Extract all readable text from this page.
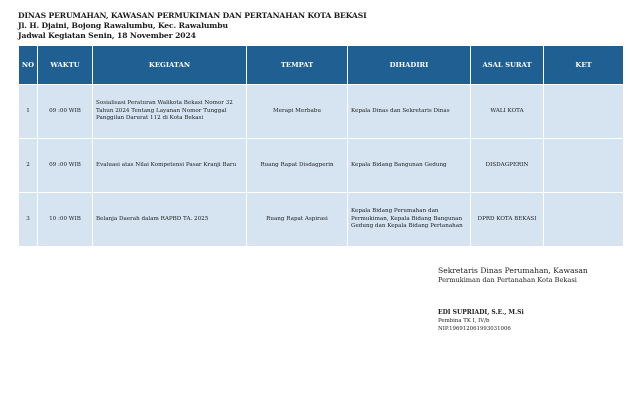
DINAS PERUMAHAN, KAWASAN PERMUKIMAN DAN PERTANAHAN KOTA BEKASI
Jl. H. Djaini, Bojong Rawalumbu, Kec. Rawalumbu
Jadwal Kegiatan Senin, 18 November 2024
NO	WAKTU	KEGIATAN	TEMPAT	DIHADIRI	ASAL SURAT	KET
1	09 :00 WIB	Sosialisasi Peraturan Walikota Bekasi Nomor 32 Tahun 2024 Tentang Layanan Nomor Tunggal Panggilan Darurat 112 di Kota Bekasi	Merapi Merbabu	Kepala Dinas dan Sekretaris Dinas	WALI KOTA	
2	09 :00 WIB	Evaluasi atas Nilai Kompetensi Pasar Kranji Baru	Ruang Rapat Disdagperin	Kepala Bidang Bangunan Gedung	DISDAGPERIN	
3	10 :00 WIB	Belanja Daerah dalam RAPBD TA. 2025	Ruang Rapat Aspirasi	Kepala Bidang Perumahan dan Permukiman, Kepala Bidang Bangunan Gedung dan Kepala Bidang Pertanahan	DPRD KOTA BEKASI	
Sekretaris Dinas Perumahan, Kawasan
Permukiman dan Pertanahan Kota Bekasi
EDI SUPRIADI, S.E., M.Si
Pembina TK I, IV/b
NIP.196912061993031006
